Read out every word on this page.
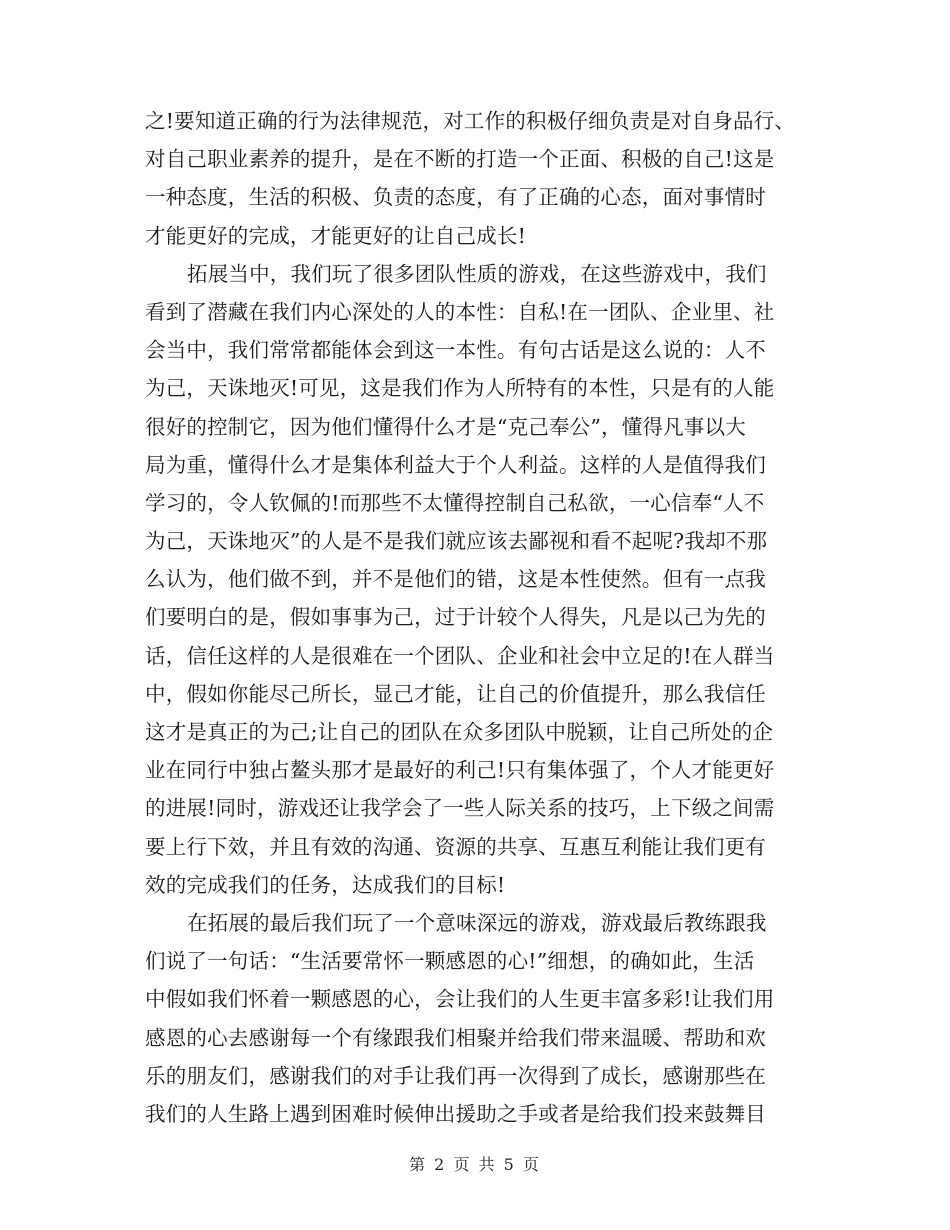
之!要知道正确的行为法律规范，对工作的积极仔细负责是对自身品行、
对自己职业素养的提升，是在不断的打造一个正面、积极的自己!这是
一种态度，生活的积极、负责的态度，有了正确的心态，面对事情时
才能更好的完成，才能更好的让自己成长!
拓展当中，我们玩了很多团队性质的游戏，在这些游戏中，我们
看到了潜藏在我们内心深处的人的本性：自私!在一团队、企业里、社
会当中，我们常常都能体会到这一本性。有句古话是这么说的：人不
为己，天诛地灭!可见，这是我们作为人所特有的本性，只是有的人能
很好的控制它，因为他们懂得什么才是“克己奉公”，懂得凡事以大
局为重，懂得什么才是集体利益大于个人利益。这样的人是值得我们
学习的，令人钦佩的!而那些不太懂得控制自己私欲，一心信奉“人不
为己，天诛地灭”的人是不是我们就应该去鄙视和看不起呢?我却不那
么认为，他们做不到，并不是他们的错，这是本性使然。但有一点我
们要明白的是，假如事事为己，过于计较个人得失，凡是以己为先的
话，信任这样的人是很难在一个团队、企业和社会中立足的!在人群当
中，假如你能尽己所长，显己才能，让自己的价值提升，那么我信任
这才是真正的为己;让自己的团队在众多团队中脱颖，让自己所处的企
业在同行中独占鳌头那才是最好的利己!只有集体强了，个人才能更好
的进展!同时，游戏还让我学会了一些人际关系的技巧，上下级之间需
要上行下效，并且有效的沟通、资源的共享、互惠互利能让我们更有
效的完成我们的任务，达成我们的目标!
在拓展的最后我们玩了一个意味深远的游戏，游戏最后教练跟我
们说了一句话：“生活要常怀一颗感恩的心!”细想，的确如此，生活
中假如我们怀着一颗感恩的心，会让我们的人生更丰富多彩!让我们用
感恩的心去感谢每一个有缘跟我们相聚并给我们带来温暖、帮助和欢
乐的朋友们，感谢我们的对手让我们再一次得到了成长，感谢那些在
我们的人生路上遇到困难时候伸出援助之手或者是给我们投来鼓舞目
第 2 页 共 5 页
